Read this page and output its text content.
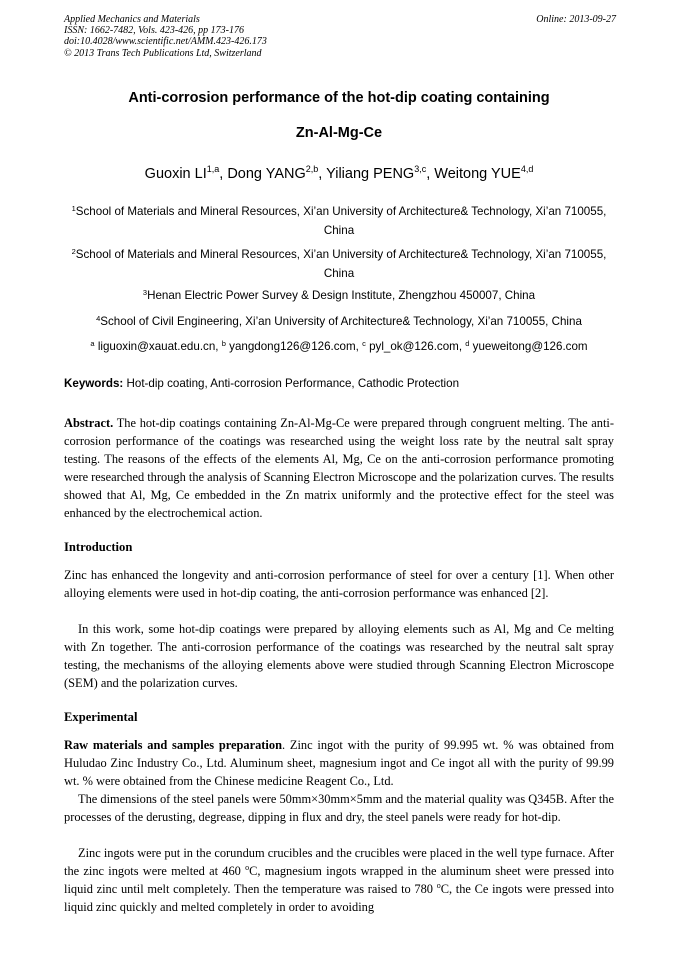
Applied Mechanics and Materials
ISSN: 1662-7482, Vols. 423-426, pp 173-176
doi:10.4028/www.scientific.net/AMM.423-426.173
© 2013 Trans Tech Publications Ltd, Switzerland
Online: 2013-09-27
Anti-corrosion performance of the hot-dip coating containing
Zn-Al-Mg-Ce
Guoxin LI$^{1,a}$, Dong YANG$^{2,b}$, Yiliang PENG$^{3,c}$, Weitong YUE$^{4,d}$
$^1$School of Materials and Mineral Resources, Xi’an University of Architecture& Technology, Xi’an 710055, China
$^2$School of Materials and Mineral Resources, Xi’an University of Architecture& Technology, Xi’an 710055, China
$^3$Henan Electric Power Survey & Design Institute, Zhengzhou 450007, China
$^4$School of Civil Engineering, Xi’an University of Architecture& Technology, Xi’an 710055, China
$^a$ liguoxin@xauat.edu.cn, $^b$ yangdong126@126.com, $^c$ pyl_ok@126.com, $^d$ yueweitong@126.com
Keywords: Hot-dip coating, Anti-corrosion Performance, Cathodic Protection
Abstract. The hot-dip coatings containing Zn-Al-Mg-Ce were prepared through congruent melting. The anti-corrosion performance of the coatings was researched using the weight loss rate by the neutral salt spray testing. The reasons of the effects of the elements Al, Mg, Ce on the anti-corrosion performance promoting were researched through the analysis of Scanning Electron Microscope and the polarization curves. The results showed that Al, Mg, Ce embedded in the Zn matrix uniformly and the protective effect for the steel was enhanced by the electrochemical action.
Introduction
Zinc has enhanced the longevity and anti-corrosion performance of steel for over a century [1]. When other alloying elements were used in hot-dip coating, the anti-corrosion performance was enhanced [2].
In this work, some hot-dip coatings were prepared by alloying elements such as Al, Mg and Ce melting with Zn together. The anti-corrosion performance of the coatings was researched by the neutral salt spray testing, the mechanisms of the alloying elements above were studied through Scanning Electron Microscope (SEM) and the polarization curves.
Experimental
Raw materials and samples preparation. Zinc ingot with the purity of 99.995 wt. % was obtained from Huludao Zinc Industry Co., Ltd. Aluminum sheet, magnesium ingot and Ce ingot all with the purity of 99.99 wt. % were obtained from the Chinese medicine Reagent Co., Ltd.
The dimensions of the steel panels were 50mm×30mm×5mm and the material quality was Q345B. After the processes of the derusting, degrease, dipping in flux and dry, the steel panels were ready for hot-dip.
Zinc ingots were put in the corundum crucibles and the crucibles were placed in the well type furnace. After the zinc ingots were melted at 460 $^o$C, magnesium ingots wrapped in the aluminum sheet were pressed into liquid zinc until melt completely. Then the temperature was raised to 780 $^o$C, the Ce ingots were pressed into liquid zinc quickly and melted completely in order to avoiding
